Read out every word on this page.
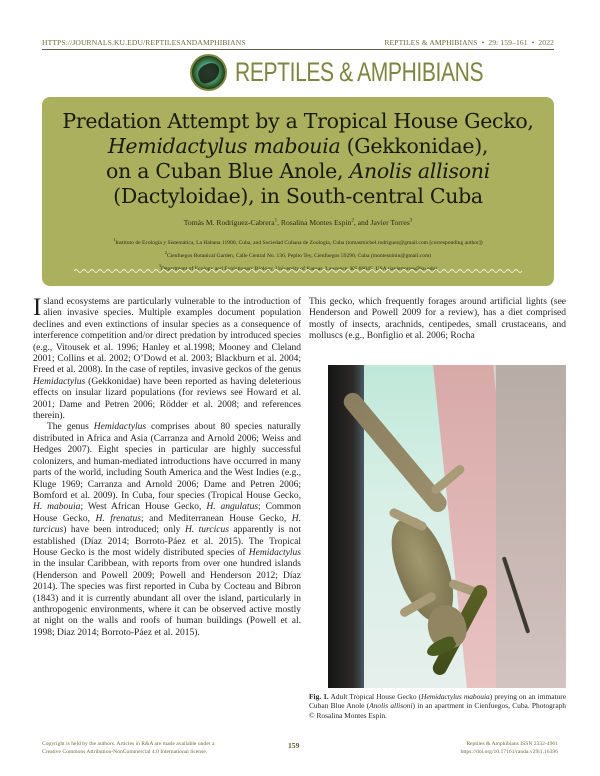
HTTPS://JOURNALS.KU.EDU/REPTILESANDAMPHIBIANS	REPTILES & AMPHIBIANS • 29: 159–161 • 2022
REPTILES & AMPHIBIANS
Predation Attempt by a Tropical House Gecko,
Hemidactylus mabouia (Gekkonidae),
on a Cuban Blue Anole, Anolis allisoni
(Dactyloidae), in South-central Cuba
Tomás M. Rodríguez-Cabrera$^1$, Rosalina Montes Espín$^2$, and Javier Torres$^3$
$^1$Instituto de Ecología y Sistemática, La Habana 11900, Cuba, and Sociedad Cubana de Zoología, Cuba (tomasmichel.rodriguez@gmail.com [corresponding author])
$^2$Cienfuegos Botanical Garden, Calle Central No. 136, Pepito Tey, Cienfuegos 59290, Cuba (montesninin@gmail.com)
$^3$Department of Ecology and Evolutionary Biology, University of Kansas, Lawrence, KS 66045, USA (javiertorres@ku.edu)

Island ecosystems are particularly vulnerable to the introduction of alien invasive species. Multiple examples document population declines and even extinctions of insular species as a consequence of interference competition and/or direct predation by introduced species (e.g., Vitousek et al. 1996; Hanley et al.1998; Mooney and Cleland 2001; Collins et al. 2002; O’Dowd et al. 2003; Blackburn et al. 2004; Freed et al. 2008). In the case of reptiles, invasive geckos of the genus Hemidactylus (Gekkonidae) have been reported as having deleterious effects on insular lizard populations (for reviews see Howard et al. 2001; Dame and Petren 2006; Rödder et al. 2008; and references therein).

The genus Hemidactylus comprises about 80 species naturally distributed in Africa and Asia (Carranza and Arnold 2006; Weiss and Hedges 2007). Eight species in particular are highly successful colonizers, and human-mediated introductions have occurred in many parts of the world, including South America and the West Indies (e.g., Kluge 1969; Carranza and Arnold 2006; Dame and Petren 2006; Bomford et al. 2009). In Cuba, four species (Tropical House Gecko, H. mabouia; West African House Gecko, H. angulatus; Common House Gecko, H. frenatus; and Mediterranean House Gecko, H. turcicus) have been introduced; only H. turcicus apparently is not established (Díaz 2014; Borroto-Páez et al. 2015). The Tropical House Gecko is the most widely distributed species of Hemidactylus in the insular Caribbean, with reports from over one hundred islands (Henderson and Powell 2009; Powell and Henderson 2012; Díaz 2014). The species was first reported in Cuba by Cocteau and Bibron (1843) and it is currently abundant all over the island, particularly in anthropogenic environments, where it can be observed active mostly at night on the walls and roofs of human buildings (Powell et al. 1998; Díaz 2014; Borroto-Páez et al. 2015).

This gecko, which frequently forages around artificial lights (see Henderson and Powell 2009 for a review), has a diet comprised mostly of insects, arachnids, centipedes, small crustaceans, and molluscs (e.g., Bonfiglio et al. 2006; Rocha

Fig. 1. Adult Tropical House Gecko (Hemidactylus mabouia) preying on an immature Cuban Blue Anole (Anolis allisoni) in an apartment in Cienfuegos, Cuba. Photograph © Rosalina Montes Espín.
Copyright is held by the authors. Articles in R&A are made available under a
Creative Commons Attribution-NonCommercial 4.0 International license.
159	Reptiles & Amphibians ISSN 2332-4961
https://doi.org/10.17161/randa.v29i1.16396
